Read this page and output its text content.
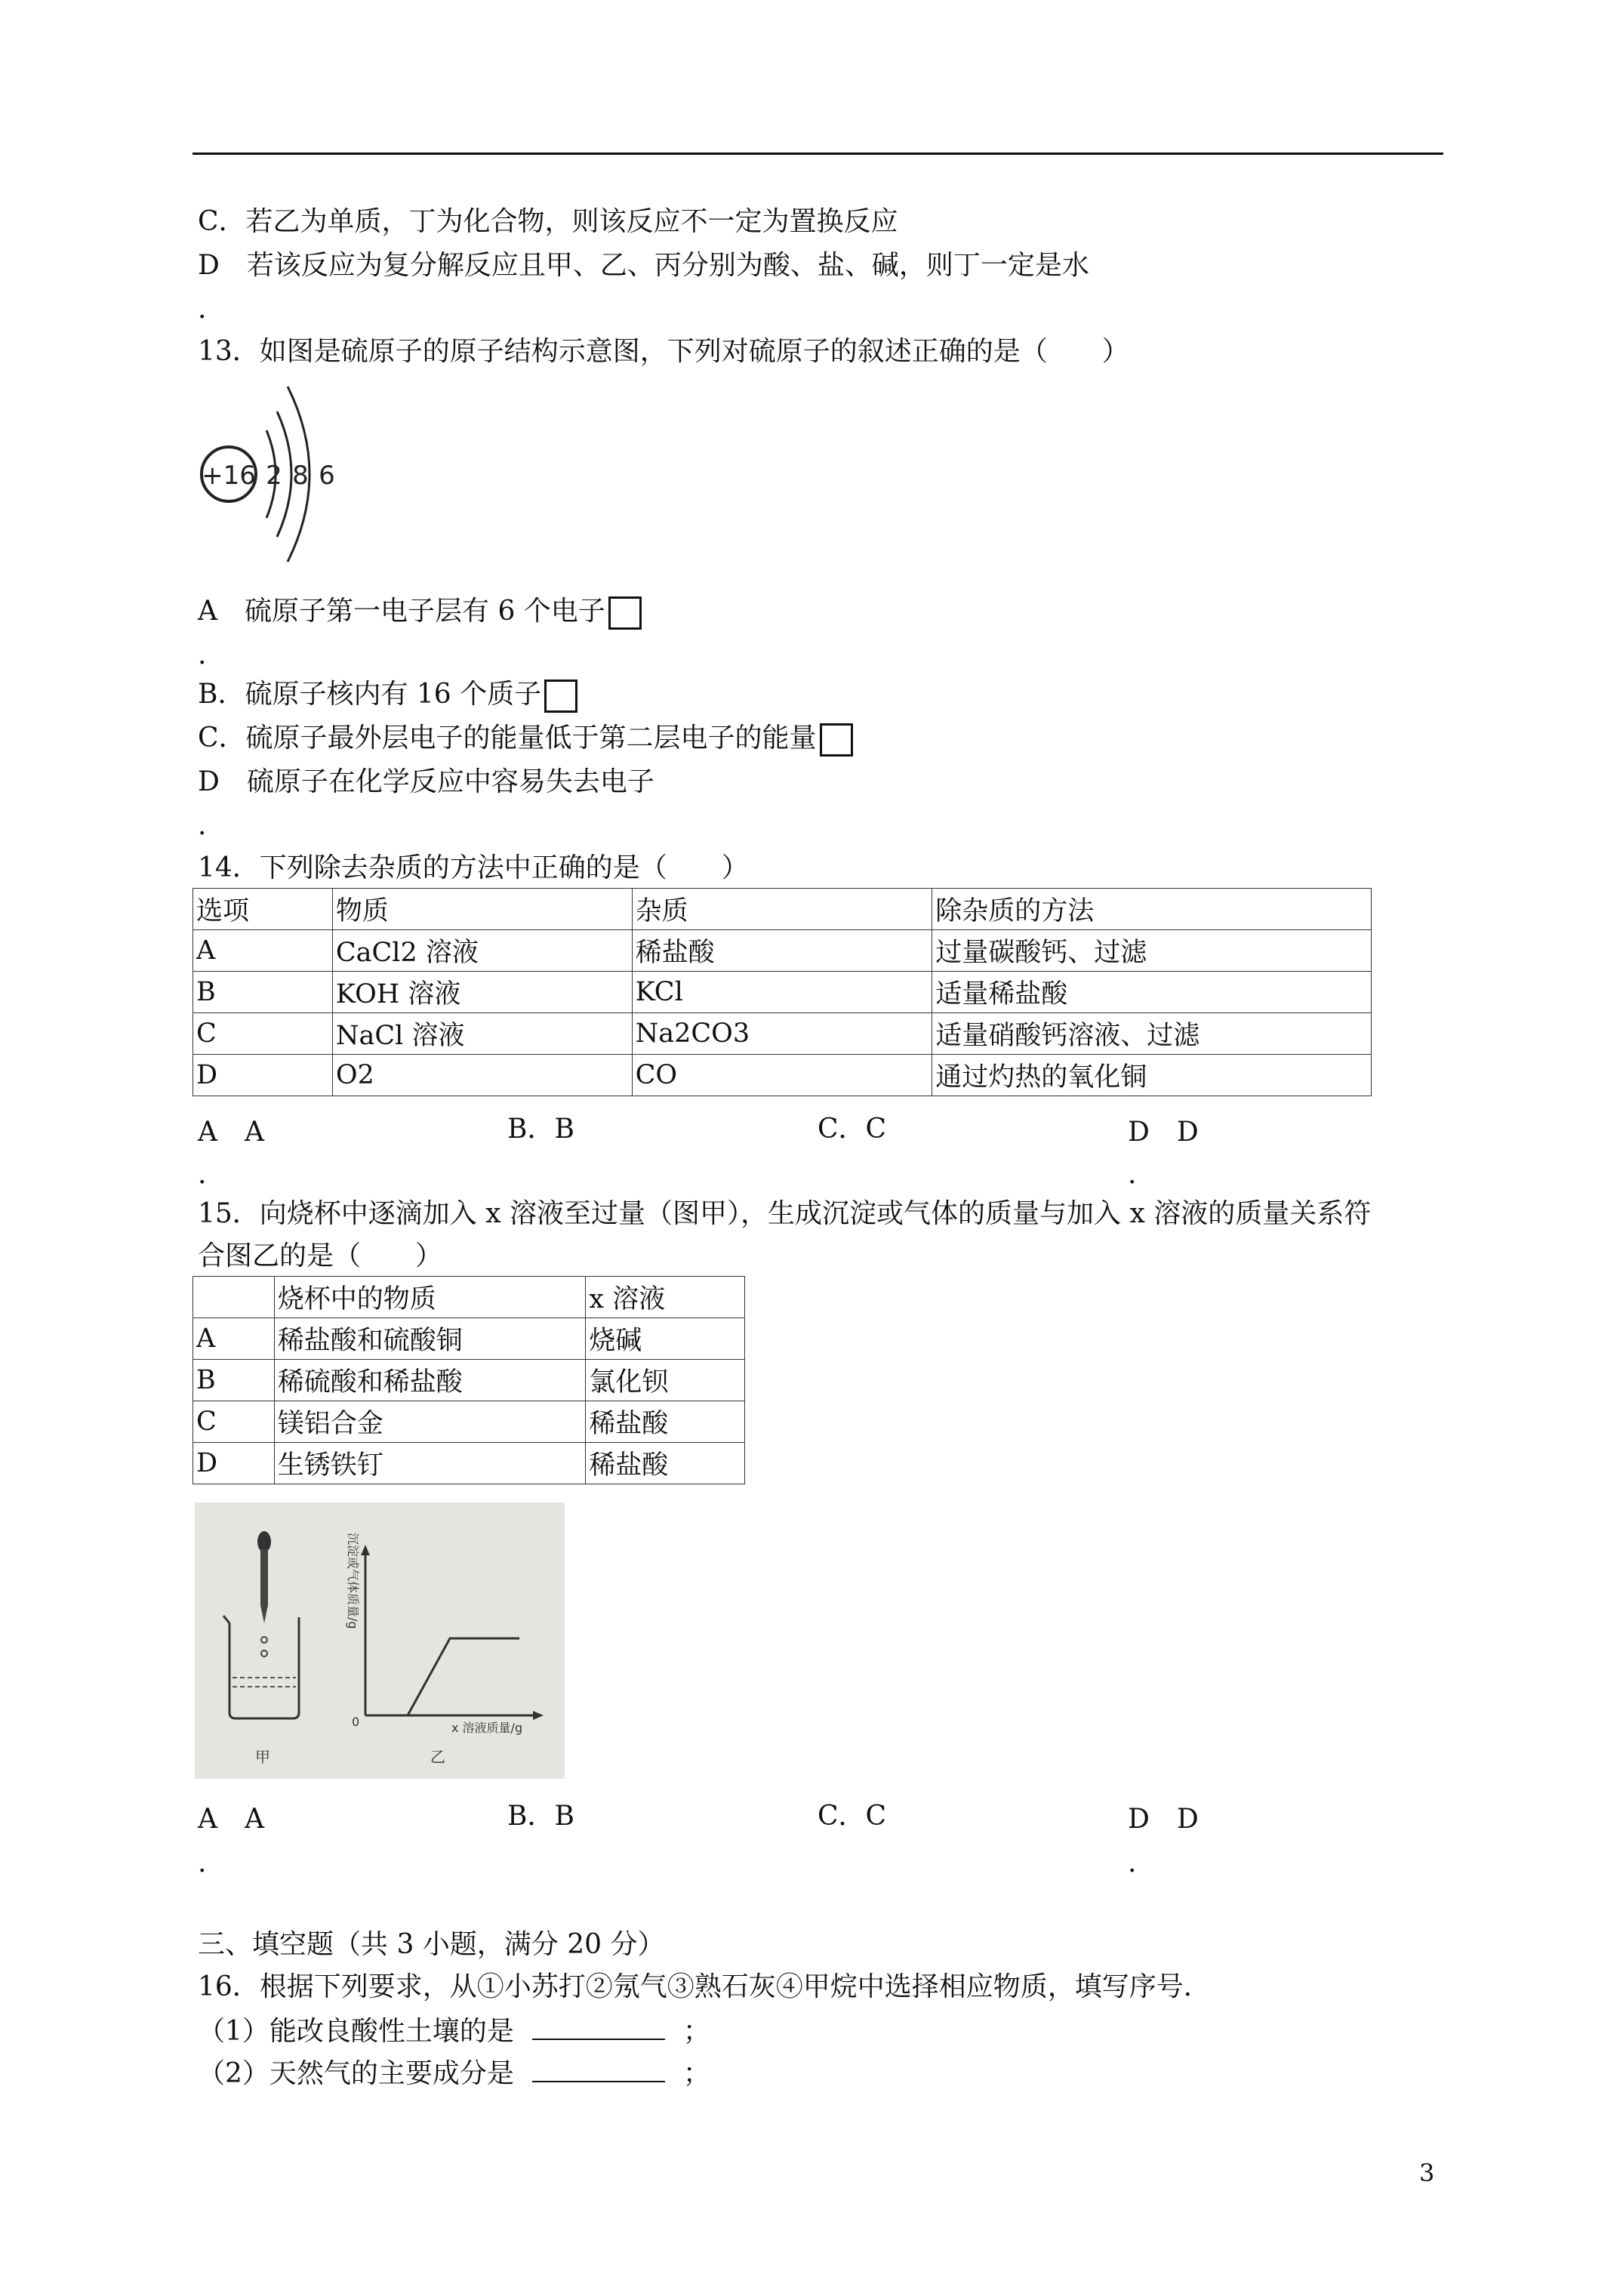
C．若乙为单质，丁为化合物，则该反应不一定为置换反应
D　若该反应为复分解反应且甲、乙、丙分别为酸、盐、碱，则丁一定是水
.
13．如图是硫原子的原子结构示意图，下列对硫原子的叙述正确的是（　　）
+16 2 8 6
A　硫原子第一电子层有 6 个电子
.
B．硫原子核内有 16 个质子
C．硫原子最外层电子的能量低于第二层电子的能量
D　硫原子在化学反应中容易失去电子
.
14．下列除去杂质的方法中正确的是（　　）
选项	物质	杂质	除杂质的方法
A	CaCl2 溶液	稀盐酸	过量碳酸钙、过滤
B	KOH 溶液	KCl	适量稀盐酸
C	NaCl 溶液	Na2CO3	适量硝酸钙溶液、过滤
D	O2	CO	通过灼热的氧化铜
A　A	B．B	C．C	D　D
.	.
15．向烧杯中逐滴加入 x 溶液至过量（图甲），生成沉淀或气体的质量与加入 x 溶液的质量关系符
合图乙的是（　　）
	烧杯中的物质	x 溶液
A	稀盐酸和硫酸铜	烧碱
B	稀硫酸和稀盐酸	氯化钡
C	镁铝合金	稀盐酸
D	生锈铁钉	稀盐酸
甲
0
沉淀或气体质量/g
x 溶液质量/g
乙
A　A	B．B	C．C	D　D
.	.
三、填空题（共 3 小题，满分 20 分）
16．根据下列要求，从①小苏打②氖气③熟石灰④甲烷中选择相应物质，填写序号．
（1）能改良酸性土壤的是	；
（2）天然气的主要成分是	；
3
